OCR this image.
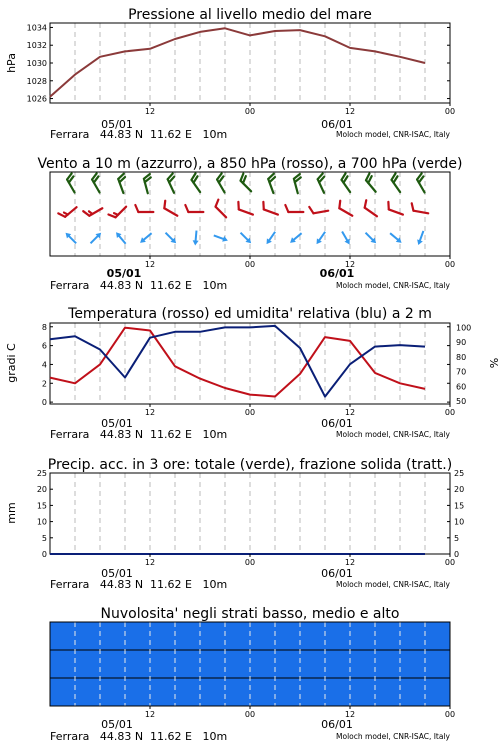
Pressione al livello medio del mare
1026
1028
1030
1032
1034
hPa
12	00	12	00
05/01	06/01
Ferrara   44.83 N  11.62 E   10m	Moloch model, CNR-ISAC, Italy
Vento a 10 m (azzurro), a 850 hPa (rosso), a 700 hPa (verde)
12	00	12	00
05/01	06/01
Ferrara   44.83 N  11.62 E   10m	Moloch model, CNR-ISAC, Italy
Temperatura (rosso) ed umidita' relativa (blu) a 2 m
0
2
4
6
8
50
60
70
80
90
100
gradi C	%
12	00	12	00
05/01	06/01
Ferrara   44.83 N  11.62 E   10m	Moloch model, CNR-ISAC, Italy
Precip. acc. in 3 ore: totale (verde), frazione solida (tratt.)
0
5
10
15
20
25
0
5
10
15
20
25
mm
12	00	12	00
05/01	06/01
Ferrara   44.83 N  11.62 E   10m	Moloch model, CNR-ISAC, Italy
Nuvolosita' negli strati basso, medio e alto
12	00	12	00
05/01	06/01
Ferrara   44.83 N  11.62 E   10m	Moloch model, CNR-ISAC, Italy
